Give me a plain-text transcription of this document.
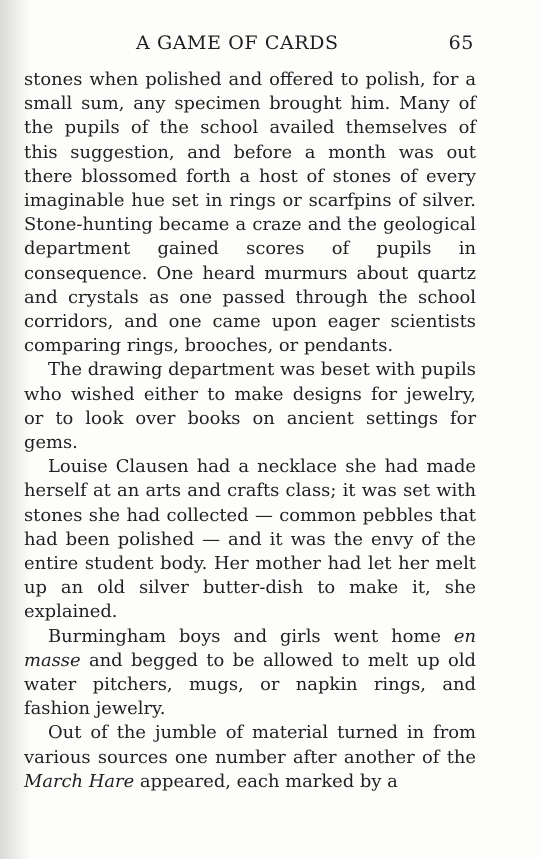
A GAME OF CARDS	65

stones when polished and offered to polish, for a small sum, any specimen brought him. Many of the pupils of the school availed themselves of this suggestion, and before a month was out there blossomed forth a host of stones of every imaginable hue set in rings or scarfpins of silver. Stone-hunting became a craze and the geological department gained scores of pupils in consequence. One heard murmurs about quartz and crystals as one passed through the school corridors, and one came upon eager scientists comparing rings, brooches, or pendants.

The drawing department was beset with pupils who wished either to make designs for jewelry, or to look over books on ancient settings for gems.

Louise Clausen had a necklace she had made herself at an arts and crafts class; it was set with stones she had collected — common pebbles that had been polished — and it was the envy of the entire student body. Her mother had let her melt up an old silver butter-dish to make it, she explained.

Burmingham boys and girls went home en masse and begged to be allowed to melt up old water pitchers, mugs, or napkin rings, and fashion jewelry.

Out of the jumble of material turned in from various sources one number after another of the March Hare appeared, each marked by a
